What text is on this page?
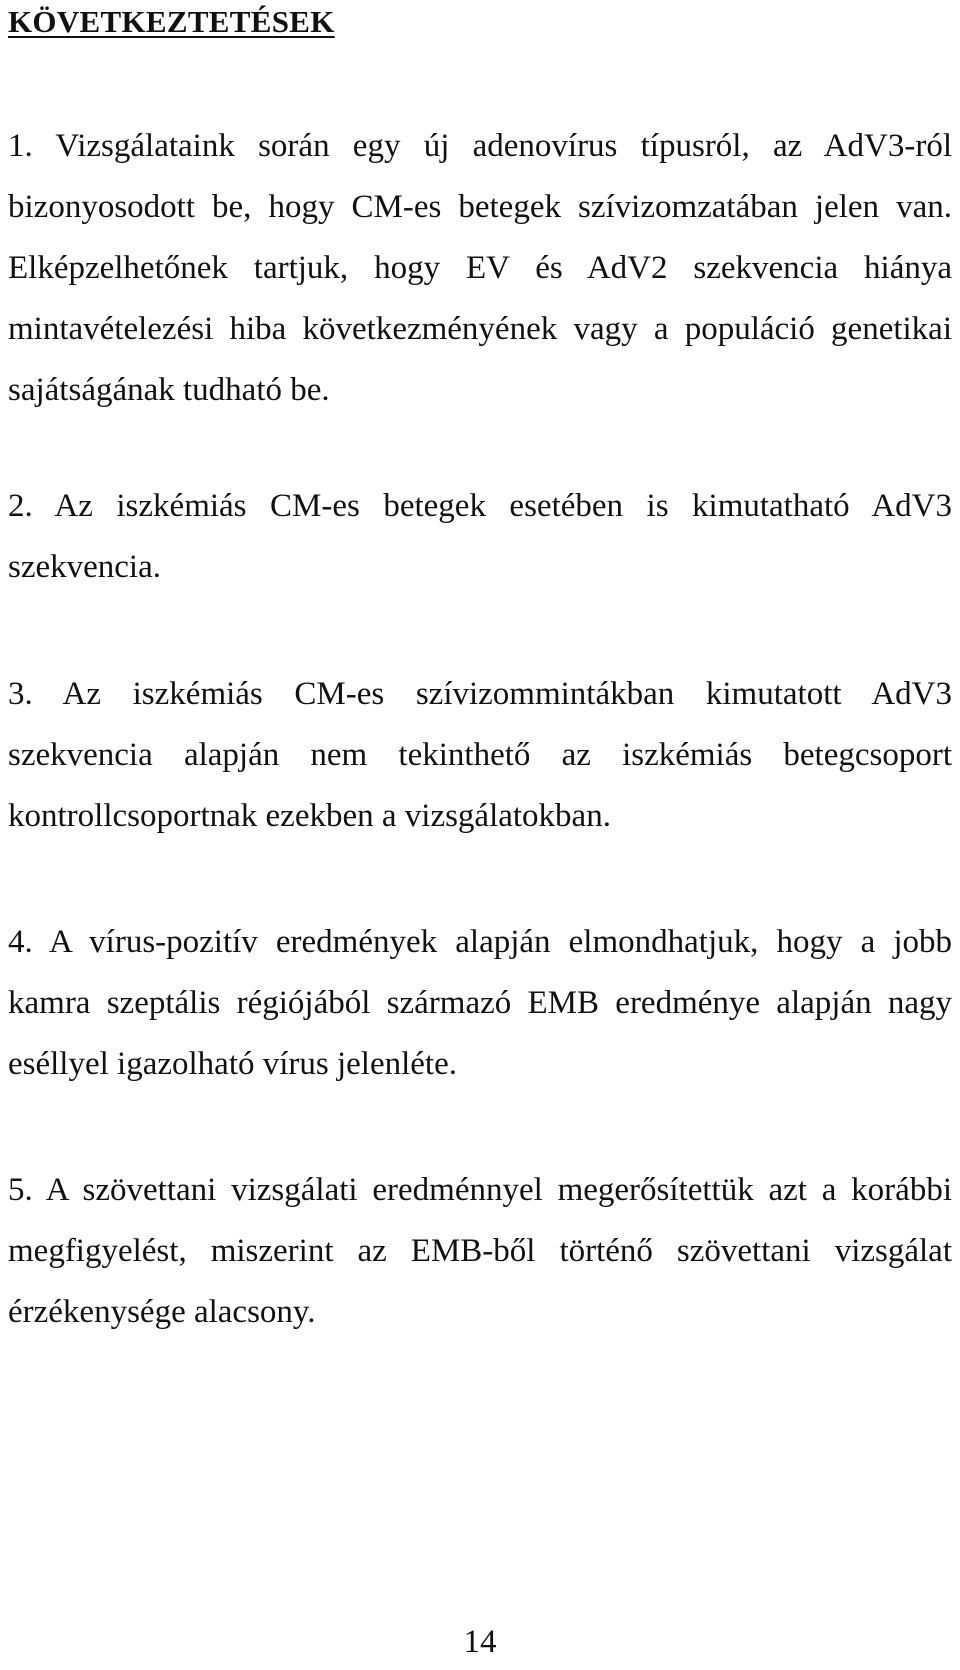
KÖVETKEZTETÉSEK

1. Vizsgálataink során egy új adenovírus típusról, az AdV3-ról bizonyosodott be, hogy CM-es betegek szívizomzatában jelen van. Elképzelhetőnek tartjuk, hogy EV és AdV2 szekvencia hiánya mintavételezési hiba következményének vagy a populáció genetikai sajátságának tudható be.

2. Az iszkémiás CM-es betegek esetében is kimutatható AdV3 szekvencia.

3. Az iszkémiás CM-es szívizommintákban kimutatott AdV3 szekvencia alapján nem tekinthető az iszkémiás betegcsoport kontrollcsoportnak ezekben a vizsgálatokban.

4. A vírus-pozitív eredmények alapján elmondhatjuk, hogy a jobb kamra szeptális régiójából származó EMB eredménye alapján nagy eséllyel igazolható vírus jelenléte.

5. A szövettani vizsgálati eredménnyel megerősítettük azt a korábbi megfigyelést, miszerint az EMB-ből történő szövettani vizsgálat érzékenysége alacsony.

14
